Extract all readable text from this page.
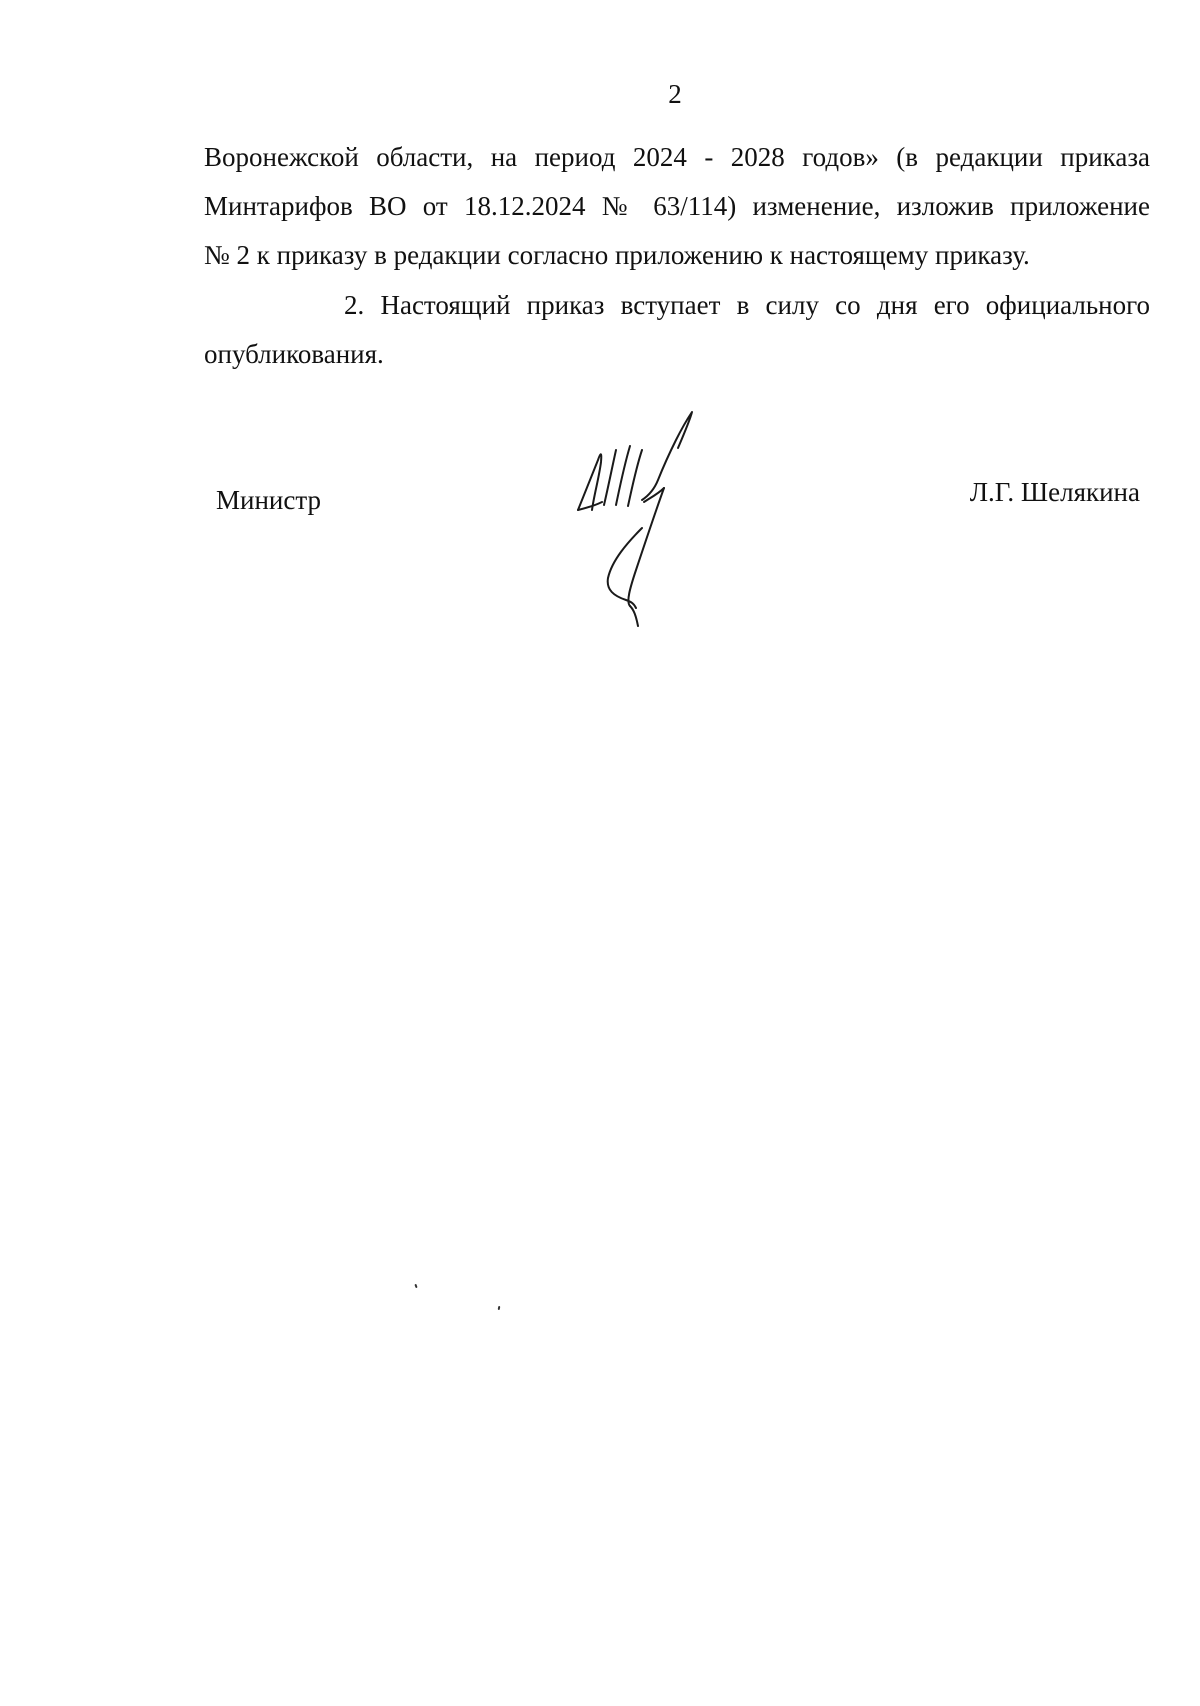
2
Воронежской области, на период 2024 - 2028 годов» (в редакции приказа
Минтарифов ВО от 18.12.2024 № 63/114) изменение, изложив приложение
№ 2 к приказу в редакции согласно приложению к настоящему приказу.
2. Настоящий приказ вступает в силу со дня его официального
опубликования.
Министр	Л.Г. Шелякина
